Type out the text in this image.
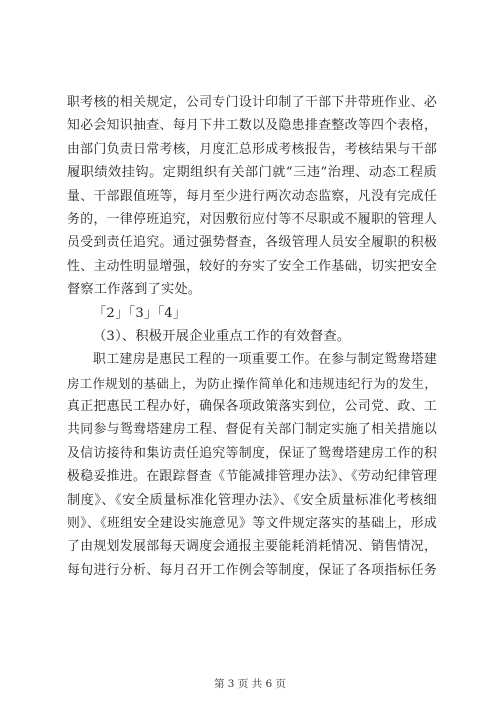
职考核的相关规定，公司专门设计印制了干部下井带班作业、必
知必会知识抽查、每月下井工数以及隐患排查整改等四个表格，
由部门负责日常考核，月度汇总形成考核报告，考核结果与干部
履职绩效挂钩。定期组织有关部门就“三违”治理、动态工程质
量、干部跟值班等，每月至少进行两次动态监察，凡没有完成任
务的，一律停班追究，对因敷衍应付等不尽职或不履职的管理人
员受到责任追究。通过强势督查，各级管理人员安全履职的积极
性、主动性明显增强，较好的夯实了安全工作基础，切实把安全
督察工作落到了实处。
「2」「3」「4」
（3）、积极开展企业重点工作的有效督查。
职工建房是惠民工程的一项重要工作。在参与制定鸳鸯塔建
房工作规划的基础上，为防止操作简单化和违规违纪行为的发生，
真正把惠民工程办好，确保各项政策落实到位，公司党、政、工
共同参与鸳鸯塔建房工程、督促有关部门制定实施了相关措施以
及信访接待和集访责任追究等制度，保证了鸳鸯塔建房工作的积
极稳妥推进。在跟踪督查《节能减排管理办法》、《劳动纪律管理
制度》、《安全质量标准化管理办法》、《安全质量标准化考核细
则》、《班组安全建设实施意见》等文件规定落实的基础上，形成
了由规划发展部每天调度会通报主要能耗消耗情况、销售情况，
每旬进行分析、每月召开工作例会等制度，保证了各项指标任务
第 3 页 共 6 页
